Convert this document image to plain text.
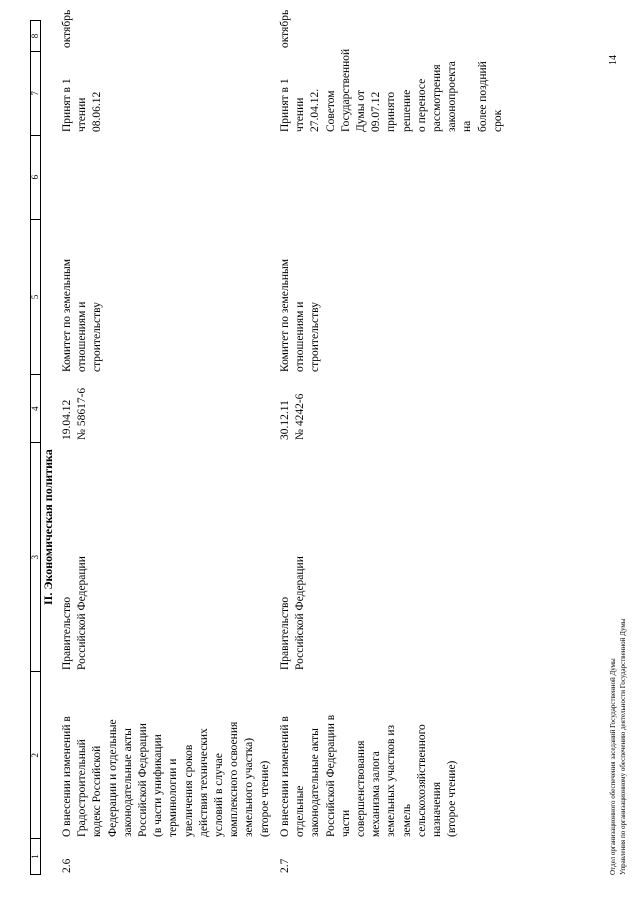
1
2
3
4
5
6
7
8
II. Экономическая политика
2.6
О внесении изменений в
Градостроительный
кодекс Российской
Федерации и отдельные
законодательные акты
Российской Федерации
(в части унификации
терминологии и
увеличения сроков
действия технических
условий в случае
комплексного освоения
земельного участка)
(второе чтение)
Правительство
Российской Федерации
19.04.12
№ 58617-6
Комитет по земельным
отношениям и
строительству
Принят в 1 чтении
08.06.12
октябрь
2.7
О внесении изменений в
отдельные
законодательные акты
Российской Федерации в
части
совершенствования
механизма залога
земельных участков из
земель
сельскохозяйственного
назначения
(второе чтение)
Правительство
Российской Федерации
30.12.11
№ 4242-6
Комитет по земельным
отношениям и
строительству
Принят в 1 чтении
27.04.12.
Советом
Государственной
Думы от 09.07.12
принято решение
о переносе
рассмотрения
законопроекта на
более поздний
срок
октябрь
Отдел организационного обеспечения заседаний Государственной Думы Управления по организационному обеспечению деятельности Государственной Думы
14
